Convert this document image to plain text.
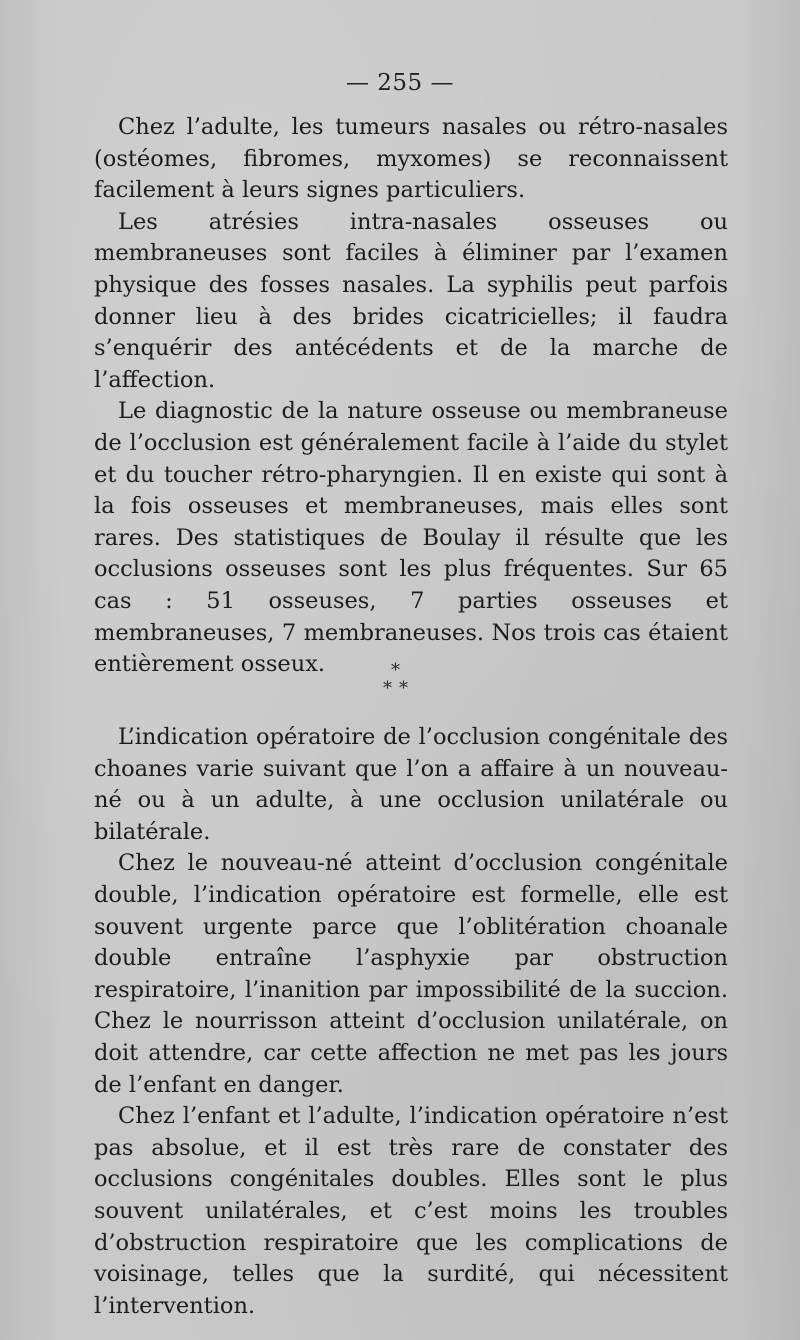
— 255 —

Chez l’adulte, les tumeurs nasales ou rétro-nasales (ostéomes, fibromes, myxomes) se reconnaissent facilement à leurs signes particuliers.

Les atrésies intra-nasales osseuses ou membraneuses sont faciles à éliminer par l’examen physique des fosses nasales. La syphilis peut parfois donner lieu à des brides cicatricielles; il faudra s’enquérir des antécédents et de la marche de l’affection.

Le diagnostic de la nature osseuse ou membraneuse de l’occlusion est généralement facile à l’aide du stylet et du toucher rétro-pharyngien. Il en existe qui sont à la fois osseuses et membraneuses, mais elles sont rares. Des statistiques de Boulay il résulte que les occlusions osseuses sont les plus fréquentes. Sur 65 cas : 51 osseuses, 7 parties osseuses et membraneuses, 7 membraneuses. Nos trois cas étaient entièrement osseux.	*
* *

L’indication opératoire de l’occlusion congénitale des choanes varie suivant que l’on a affaire à un nouveau-né ou à un adulte, à une occlusion unilatérale ou bilatérale.

Chez le nouveau-né atteint d’occlusion congénitale double, l’indication opératoire est formelle, elle est souvent urgente parce que l’oblitération choanale double entraîne l’asphyxie par obstruction respiratoire, l’inanition par impossibilité de la succion. Chez le nourrisson atteint d’occlusion unilatérale, on doit attendre, car cette affection ne met pas les jours de l’enfant en danger.

Chez l’enfant et l’adulte, l’indication opératoire n’est pas absolue, et il est très rare de constater des occlusions congénitales doubles. Elles sont le plus souvent unilatérales, et c’est moins les troubles d’obstruction respiratoire que les complications de voisinage, telles que la surdité, qui nécessitent l’intervention.
